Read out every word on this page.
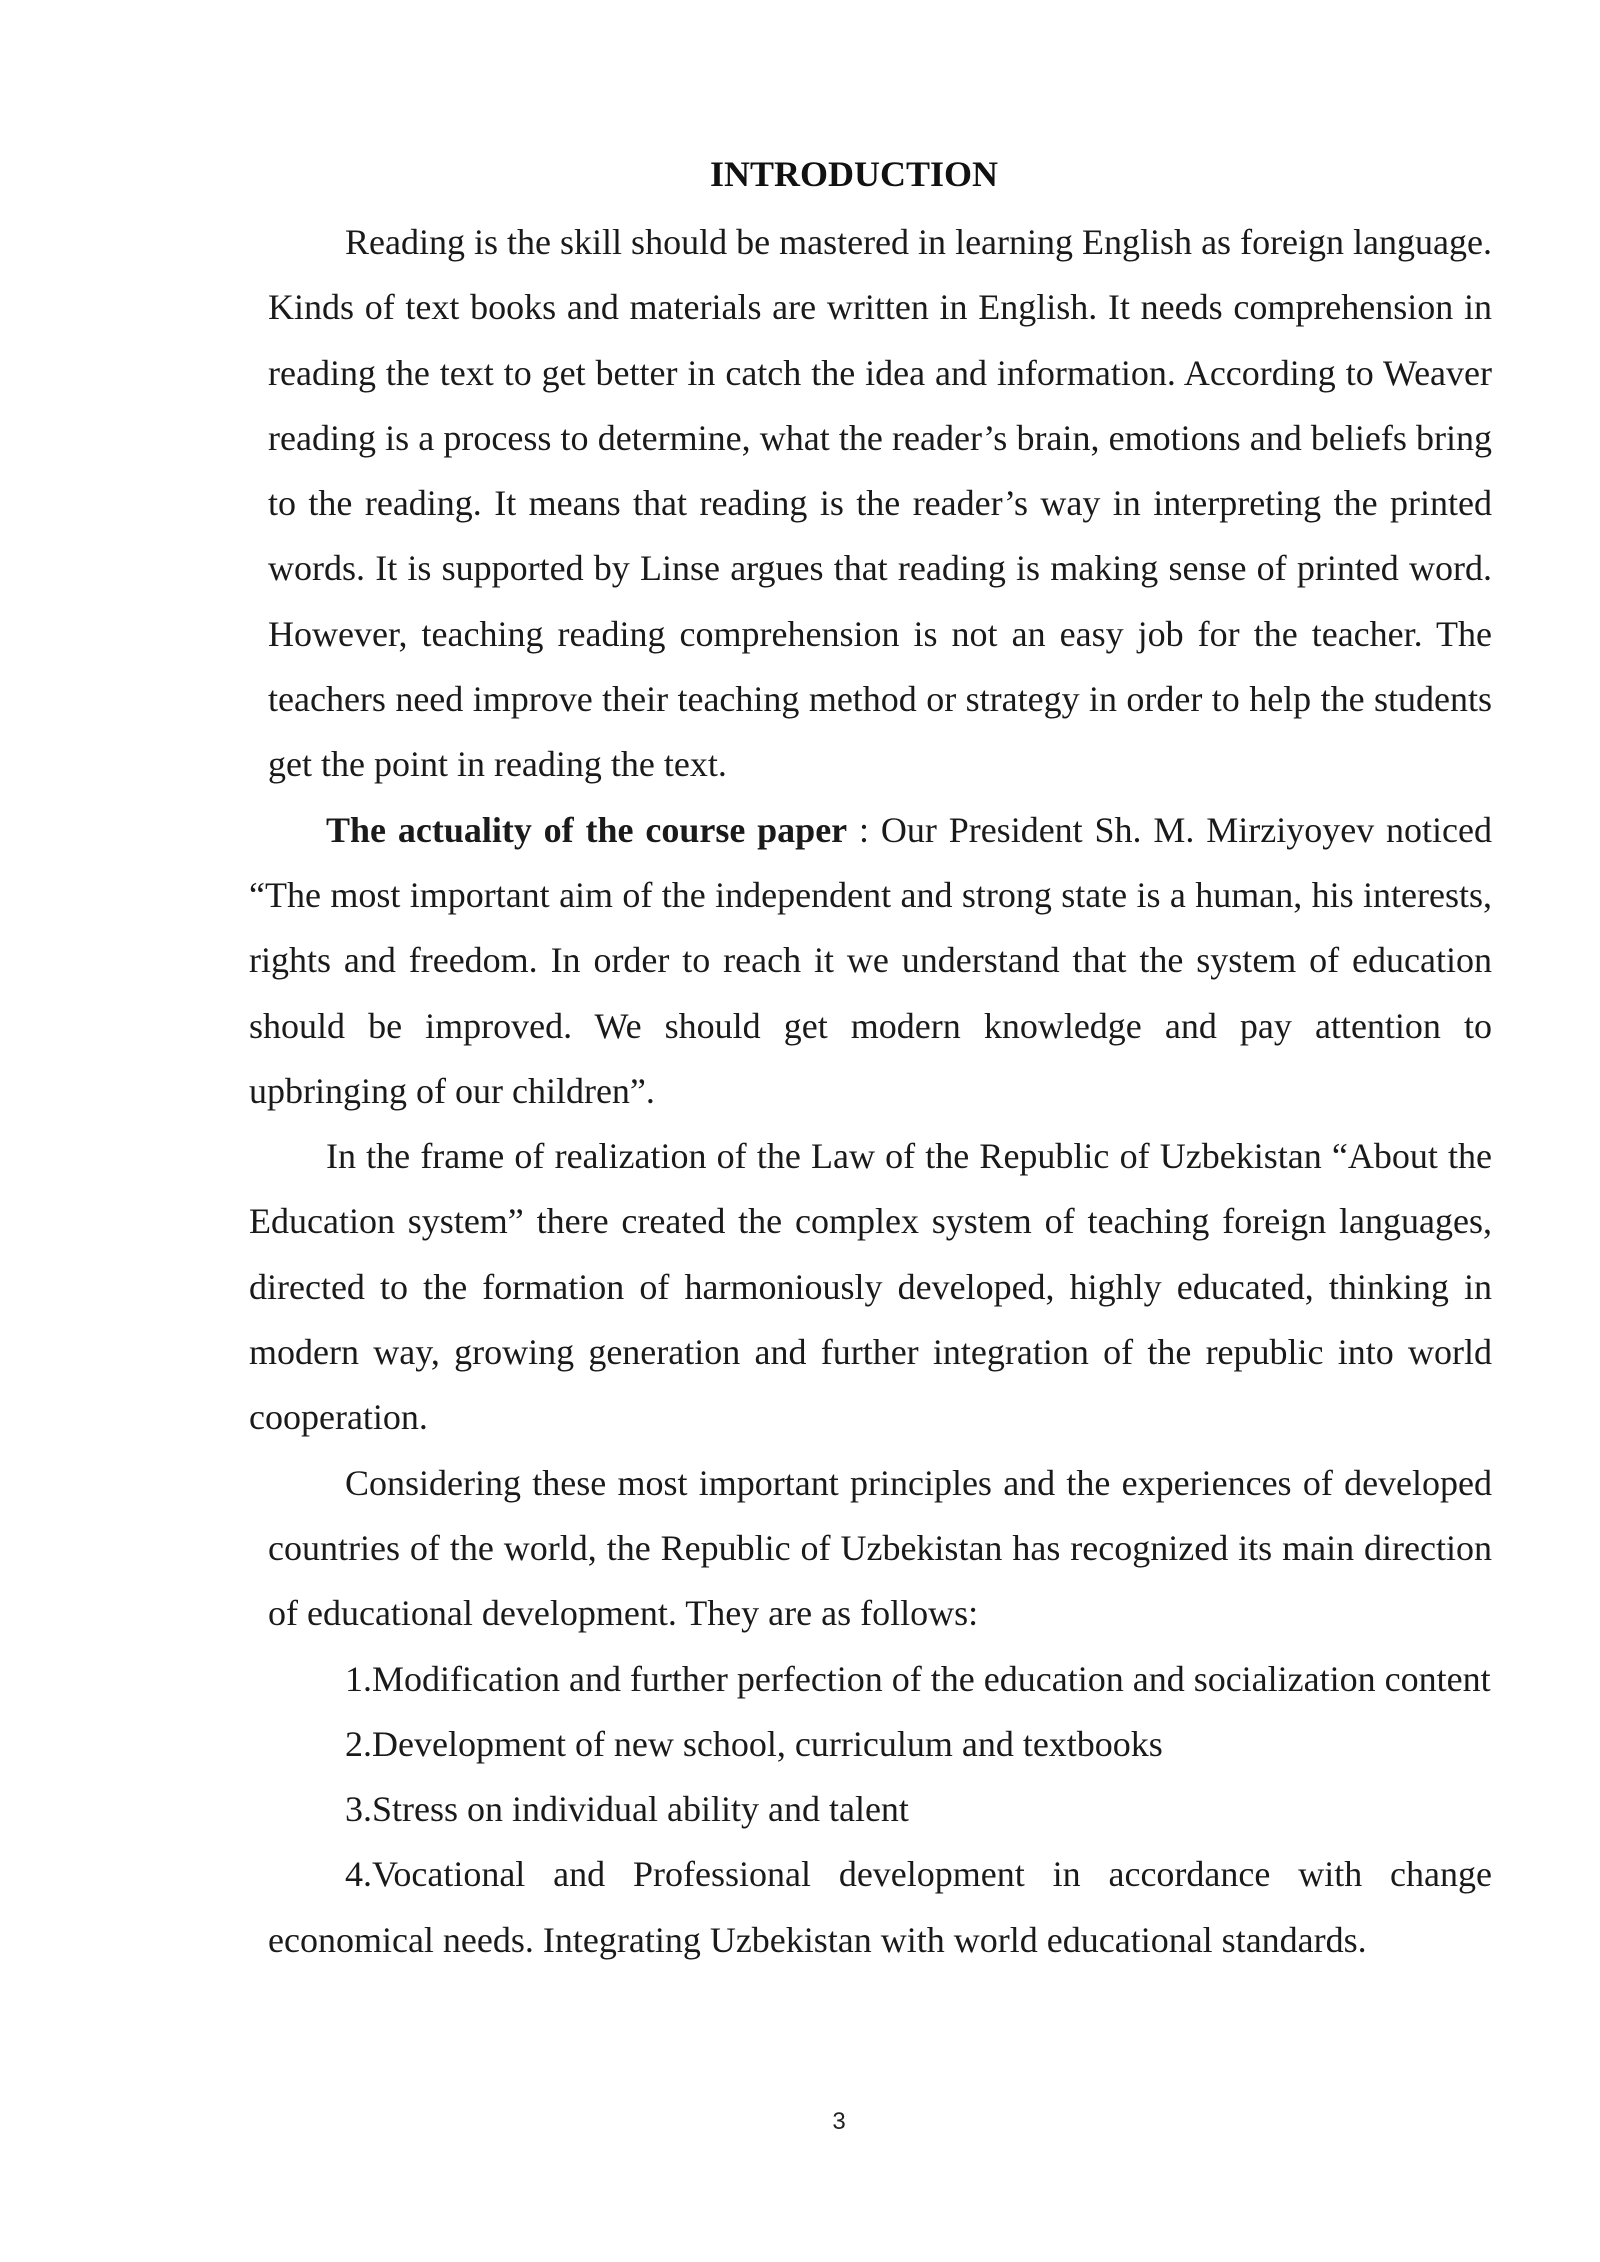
INTRODUCTION

Reading is the skill should be mastered in learning English as foreign language. Kinds of text books and materials are written in English. It needs comprehension in reading the text to get better in catch the idea and information. According to Weaver reading is a process to determine, what the reader’s brain, emotions and beliefs bring to the reading. It means that reading is the reader’s way in interpreting the printed words. It is supported by Linse argues that reading is making sense of printed word. However, teaching reading comprehension is not an easy job for the teacher. The teachers need improve their teaching method or strategy in order to help the students get the point in reading the text.

The actuality of the course paper : Our President Sh. M. Mirziyoyev noticed “The most important aim of the independent and strong state is a human, his interests, rights and freedom. In order to reach it we understand that the system of education should be improved. We should get modern knowledge and pay attention to upbringing of our children”.

In the frame of realization of the Law of the Republic of Uzbekistan “About the Education system” there created the complex system of teaching foreign languages, directed to the formation of harmoniously developed, highly educated, thinking in modern way, growing generation and further integration of the republic into world cooperation.

Considering these most important principles and the experiences of developed countries of the world, the Republic of Uzbekistan has recognized its main direction of educational development. They are as follows:

1.Modification and further perfection of the education and socialization content

2.Development of new school, curriculum and textbooks

3.Stress on individual ability and talent

4.Vocational and Professional development in accordance with change economical needs. Integrating Uzbekistan with world educational standards.

3
